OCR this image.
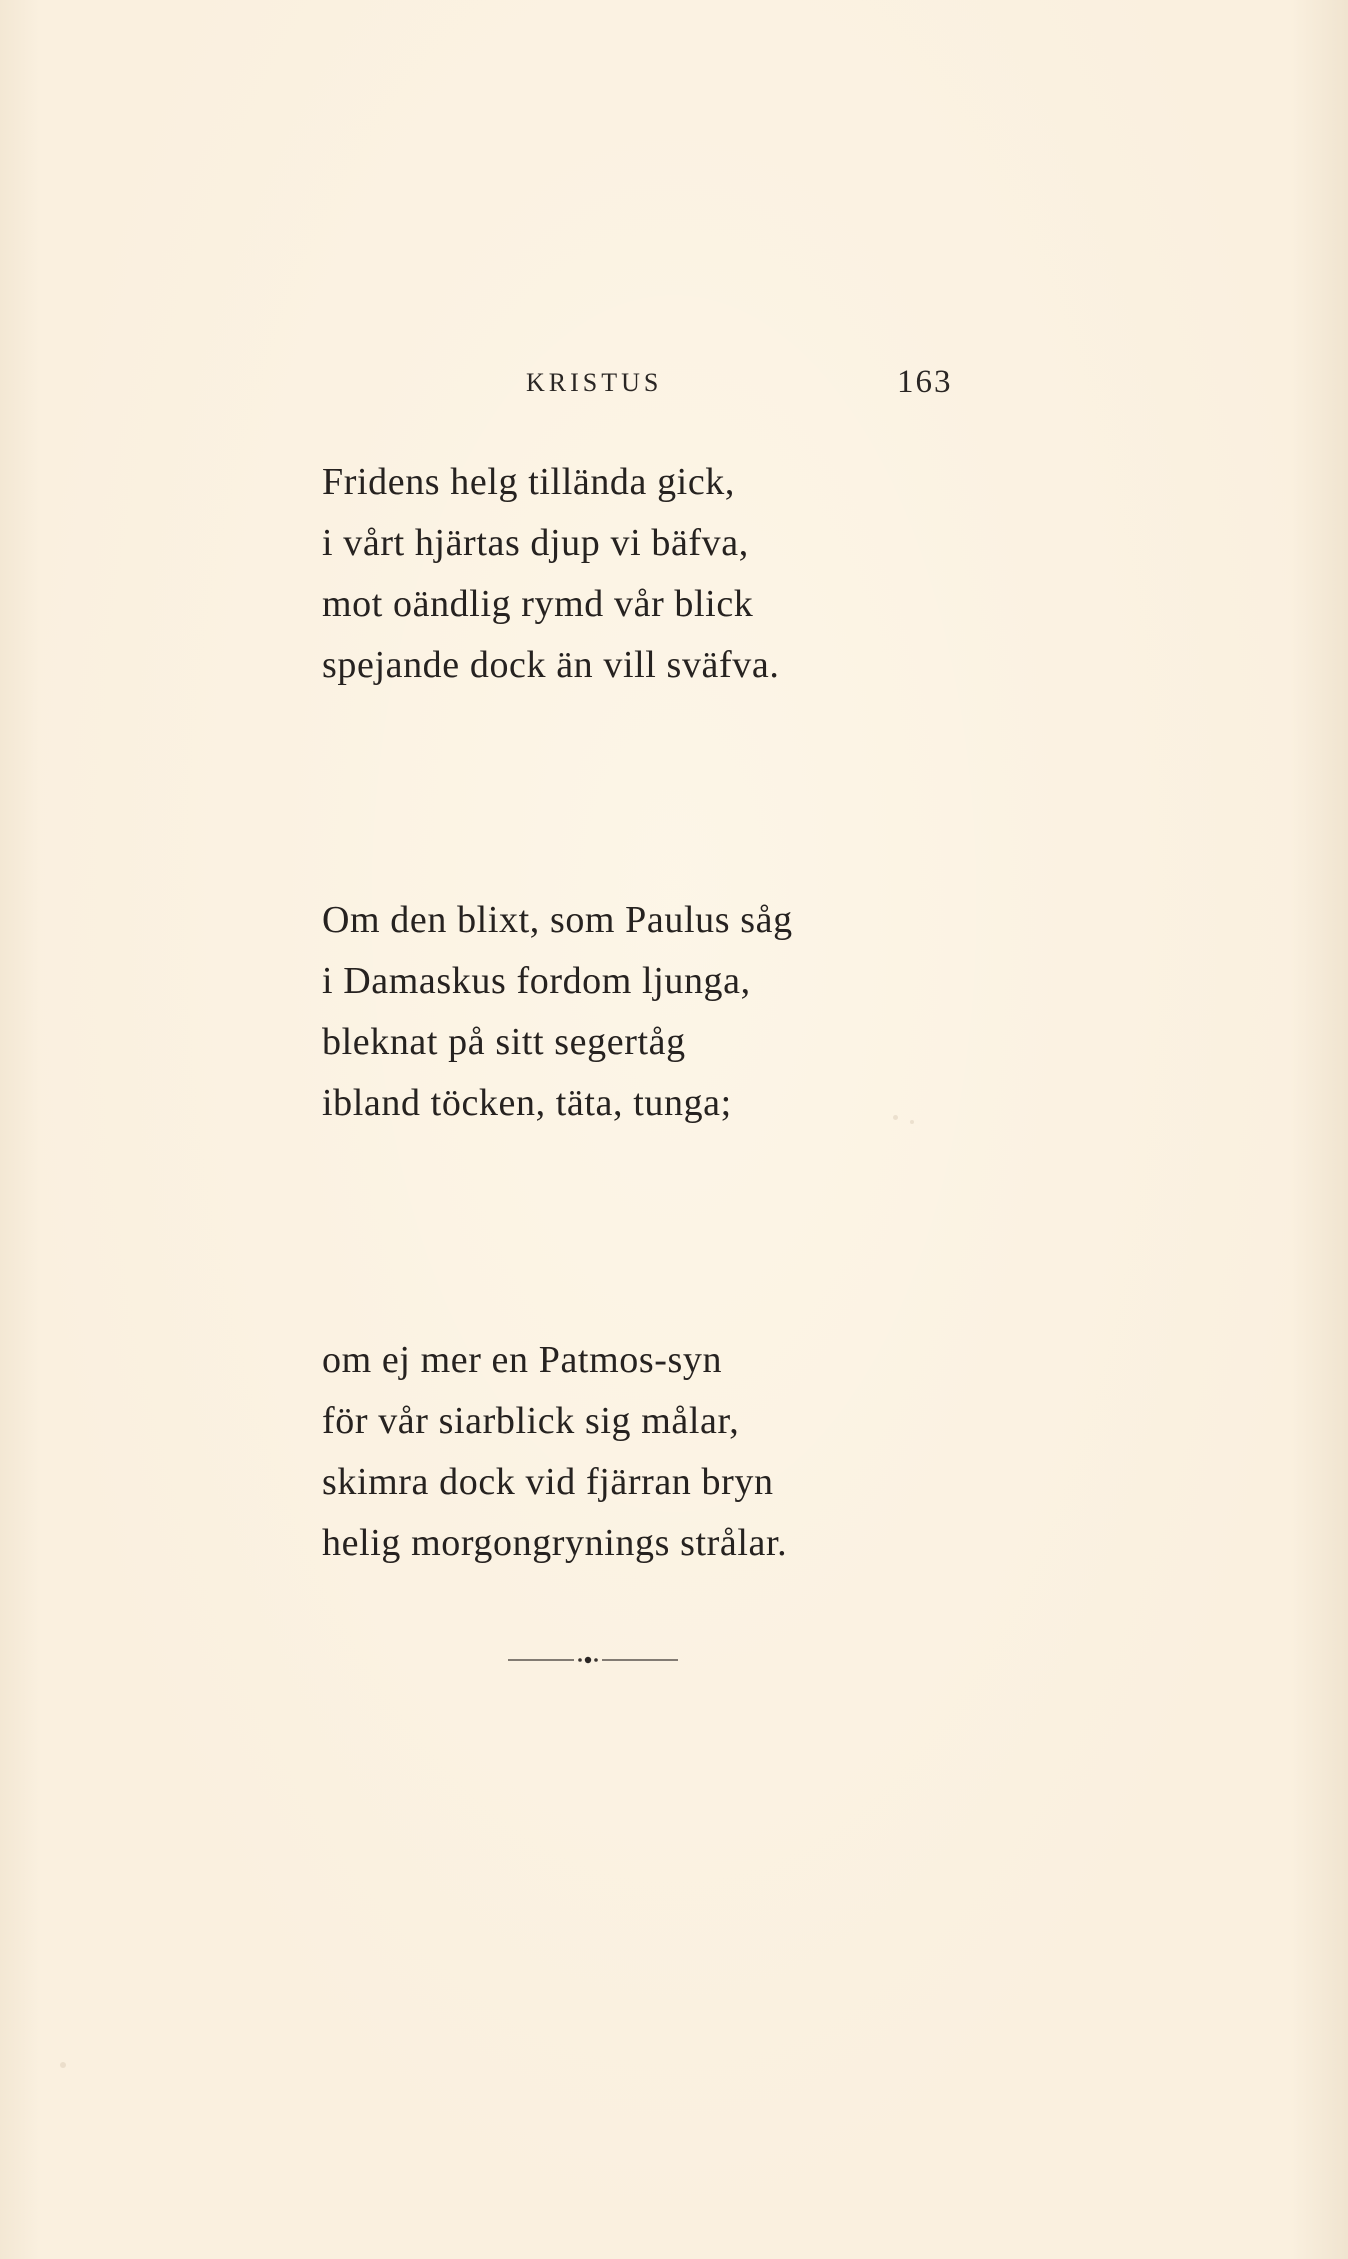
KRISTUS	163
Fridens helg tillända gick,
i vårt hjärtas djup vi bäfva,
mot oändlig rymd vår blick
spejande dock än vill sväfva.
Om den blixt, som Paulus såg
i Damaskus fordom ljunga,
bleknat på sitt segertåg
ibland töcken, täta, tunga;
om ej mer en Patmos-syn
för vår siarblick sig målar,
skimra dock vid fjärran bryn
helig morgongrynings strålar.
